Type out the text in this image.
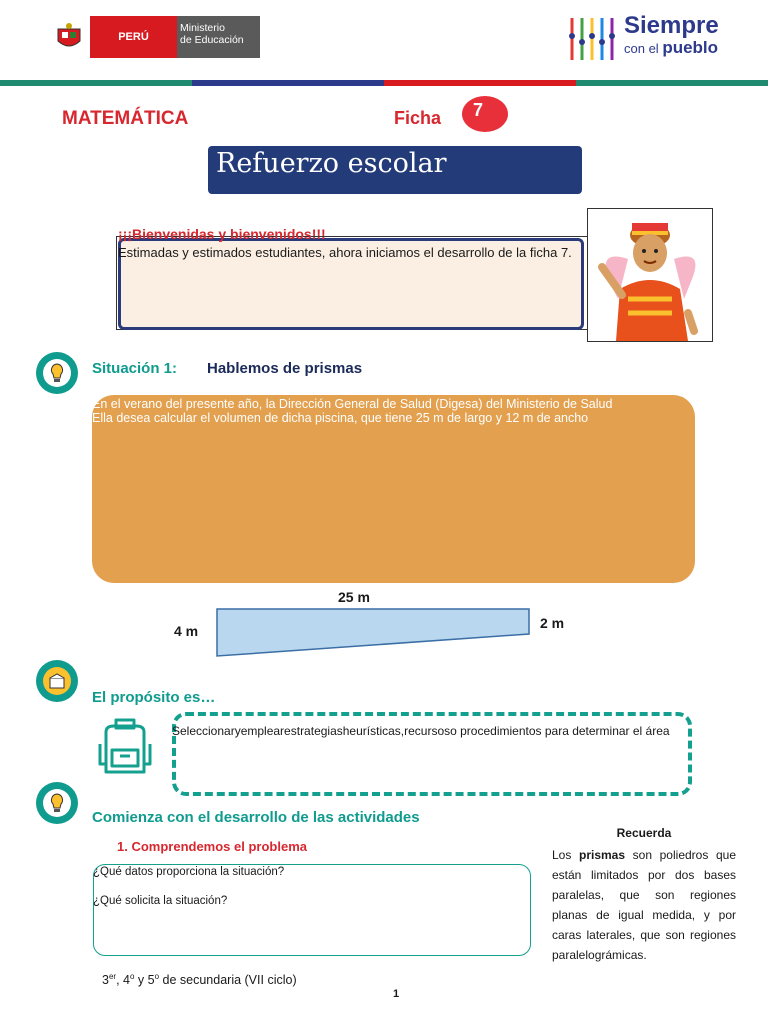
PERÚ
Ministerio
de Educación
Siempre
con el pueblo
MATEMÁTICA	Ficha 7
Refuerzo escolar
¡¡¡Bienvenidas y bienvenidos!!!
Estimadas y estimados estudiantes, ahora iniciamos el desarrollo de la ficha 7.
Situación 1: Hablemos de prismas
En el verano del presente año, la Dirección General de Salud (Digesa) del Ministerio de Salud
Ella desea calcular el volumen de dicha piscina, que tiene 25 m de largo y 12 m de ancho
25 m
4 m	2 m
El propósito es…
Seleccionaryemplearestrategiasheurísticas,recursoso procedimientos para determinar el área
Comienza con el desarrollo de las actividades
1. Comprendemos el problema
¿Qué datos proporciona la situación?
¿Qué solicita la situación?
3er, 4$^o$ y 5$^o$ de secundaria (VII ciclo)
1
Recuerda
Los prismas son poliedros que están limitados por dos bases paralelas, que son regiones planas de igual medida, y por caras laterales, que son regiones paralelográmicas.
